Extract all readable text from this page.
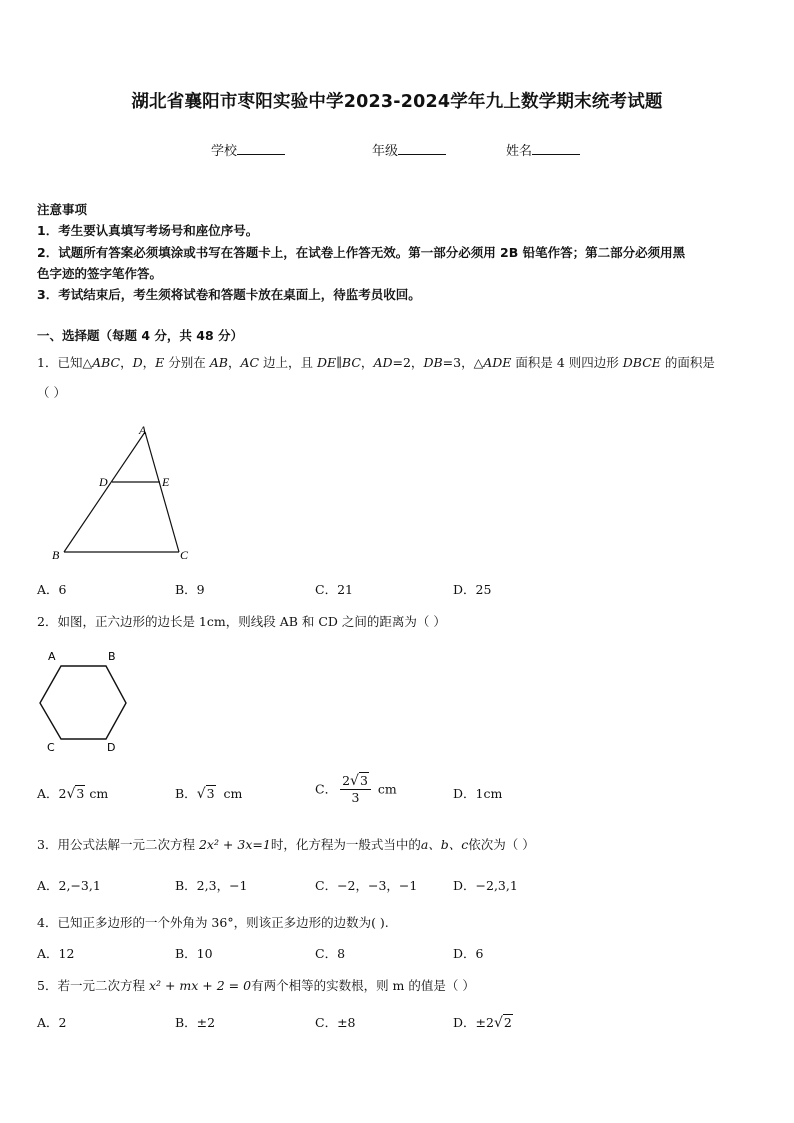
湖北省襄阳市枣阳实验中学2023-2024学年九上数学期末统考试题
学校	年级	姓名
注意事项
1．考生要认真填写考场号和座位序号。
2．试题所有答案必须填涂或书写在答题卡上，在试卷上作答无效。第一部分必须用 2B 铅笔作答；第二部分必须用黑
色字迹的签字笔作答。
3．考试结束后，考生须将试卷和答题卡放在桌面上，待监考员收回。
一、选择题（每题 4 分，共 48 分）
1．已知△ABC，D，E 分别在 AB，AC 边上，且 DE∥BC，AD=2，DB=3，△ADE 面积是 4 则四边形 DBCE 的面积是
（ ）
A
D	E
B	C
A．6	B．9	C．21	D．25
2．如图，正六边形的边长是 1cm，则线段 AB 和 CD 之间的距离为（ ）
A	B
C	D
A．2√3 cm	B．√3 cm	C． $\frac{2√3}{3}$ cm	D．1cm
3．用公式法解一元二次方程 2x² + 3x=1时，化方程为一般式当中的a、b、c依次为（ ）
A．2,−3,1	B．2,3，−1	C．−2，−3，−1	D．−2,3,1
4．已知正多边形的一个外角为 36°，则该正多边形的边数为( ).
A．12	B．10	C．8	D．6
5．若一元二次方程 x² + mx + 2 = 0有两个相等的实数根，则 m 的值是（ ）
A．2	B．±2	C．±8	D．±2√2
